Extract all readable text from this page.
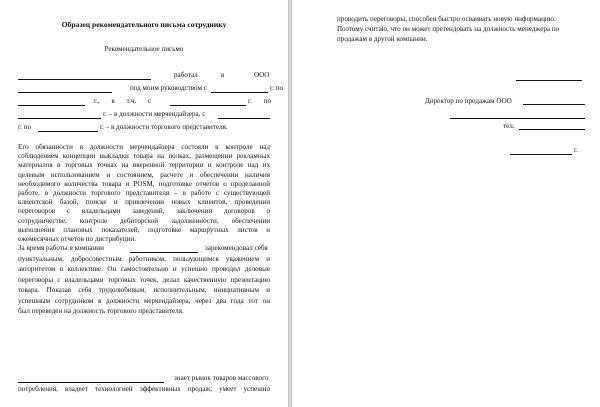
Образец рекомендательного письма сотруднику
Рекомендательное письмо
работал	в	ООО
под моим руководством с	г. по
г., в т.ч. с	г. по
г. – в должности мерчендайзера, с
г. по	г. – в должности торгового представителя.
Его обязанности в должности мерчендайзера состояли в контроле над
соблюдением концепции выкладки товара на полках, размещении рекламных
материалов в торговых точках на вверенной территории и контроле над их
целевым использованием и состоянием, расчете и обеспечении наличия
необходимого количества товара и POSM, подготовке отчетов о проделанной
работе, в должности торгового представителя – в работе с существующей
клиентской базой, поиске и привлечении новых клиентов, проведении
переговоров с владельцами заведений, заключении договоров о
сотрудничестве, контроле дебиторской задолженности, обеспечении
выполнения плановых показателей, подготовке маршрутных листов и
ежемесячных отчетов по дистрибуции.
За время работы в компании	зарекомендовал себя
пунктуальным, добросовестным работником, пользующимся уважением и
авторитетом в коллективе. Он самостоятельно и успешно проводил деловые
переговоры с владельцами торговых точек, делал качественную презентацию
товара. Показав себя трудолюбивым, исполнительным, инициативным и
успешным сотрудником в должности мерчендайзера, через два года тот он
был переведен на должность торгового представителя.
знает рынок товаров массового
потребления, владеет технологией эффективных продаж, умеет успешно
проводить переговоры, способен быстро осваивать новую информацию.
Поэтому считаю, что он может претендовать на должность менеджера по
продажам в другой компании.
Директор по продажам ООО
тел.
г.
